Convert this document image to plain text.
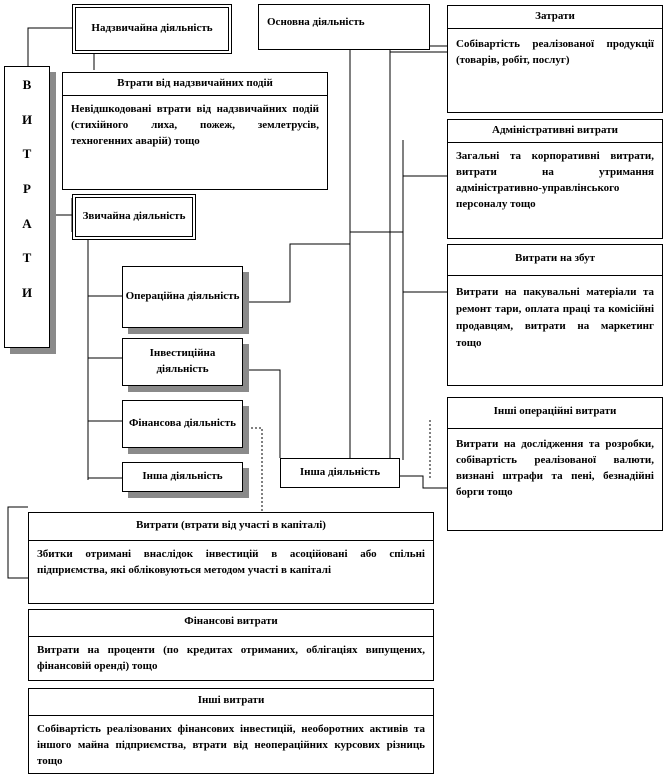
В
И
Т
Р
А
Т
И
Надзвичайна діяльність
Втрати від надзвичайних подій
Невідшкодовані втрати від надзвичайних подій (стихійного лиха, пожеж, землетрусів, техногенних аварій) тощо
Звичайна діяльність
Основна діяльність
Операційна діяльність
Інвестиційна діяльність
Фінансова діяльність
Інша діяльність	Інша діяльність
Затрати
Собівартість реалізованої продукції (товарів, робіт, послуг)
Адміністративні витрати
Загальні та корпоративні витрати, витрати на утримання адміністративно-управлінського персоналу тощо
Витрати на збут
Витрати на пакувальні матеріали та ремонт тари, оплата праці та комісійні продавцям, витрати на маркетинг тощо
Інші операційні витрати
Витрати на дослідження та розробки, собівартість реалізованої валюти, визнані штрафи та пені, безнадійні борги тощо
Витрати (втрати від участі в капіталі)
Збитки отримані внаслідок інвестицій в асоційовані або спільні підприємства, які обліковуються методом участі в капіталі
Фінансові витрати
Витрати на проценти (по кредитах отриманих, облігаціях випущених, фінансовій оренді) тощо
Інші витрати
Собівартість реалізованих фінансових інвестицій, необоротних активів та іншого майна підприємства, втрати від неопераційних курсових різниць тощо
